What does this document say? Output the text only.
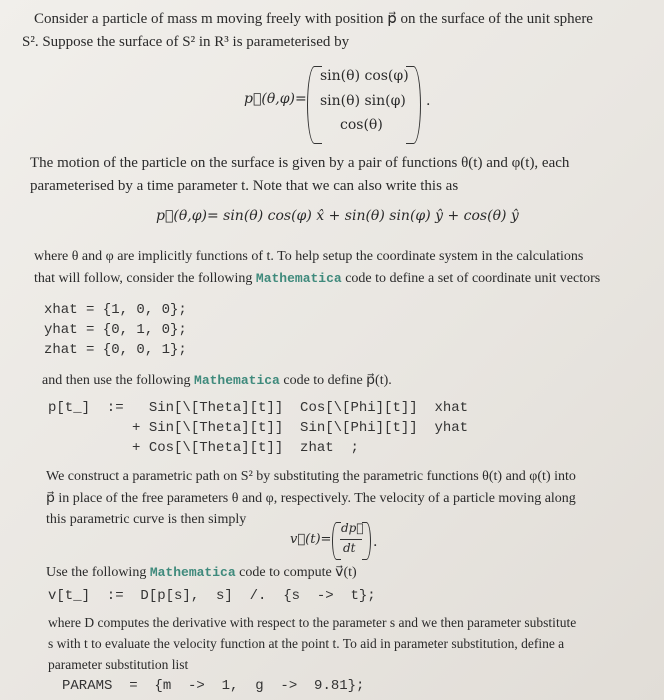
Consider a particle of mass m moving freely with position p⃗ on the surface of the unit sphere
S². Suppose the surface of S² in R³ is parameterised by
p⃗(θ,φ)=
sin(θ) cos(φ)
sin(θ) sin(φ)
cos(θ)
.
The motion of the particle on the surface is given by a pair of functions θ(t) and φ(t), each
parameterised by a time parameter t. Note that we can also write this as
p⃗(θ,φ)= sin(θ) cos(φ) x̂ + sin(θ) sin(φ) ŷ + cos(θ) ŷ
where θ and φ are implicitly functions of t. To help setup the coordinate system in the calculations
that will follow, consider the following Mathematica code to define a set of coordinate unit vectors
xhat = {1, 0, 0};
yhat = {0, 1, 0};
zhat = {0, 0, 1};
and then use the following Mathematica code to define p⃗(t).
p[t_]  :=   Sin[\[Theta][t]]  Cos[\[Phi][t]]  xhat
+ Sin[\[Theta][t]]  Sin[\[Phi][t]]  yhat
+ Cos[\[Theta][t]]  zhat  ;
We construct a parametric path on S² by substituting the parametric functions θ(t) and φ(t) into
p⃗ in place of the free parameters θ and φ, respectively. The velocity of a particle moving along
this parametric curve is then simply
v⃗(t)=
dp⃗
dt .
Use the following Mathematica code to compute v⃗(t)
v[t_]  :=  D[p[s],  s]  /.  {s  ->  t};
where D computes the derivative with respect to the parameter s and we then parameter substitute
s with t to evaluate the velocity function at the point t. To aid in parameter substitution, define a
parameter substitution list
PARAMS  =  {m  ->  1,  g  ->  9.81};
